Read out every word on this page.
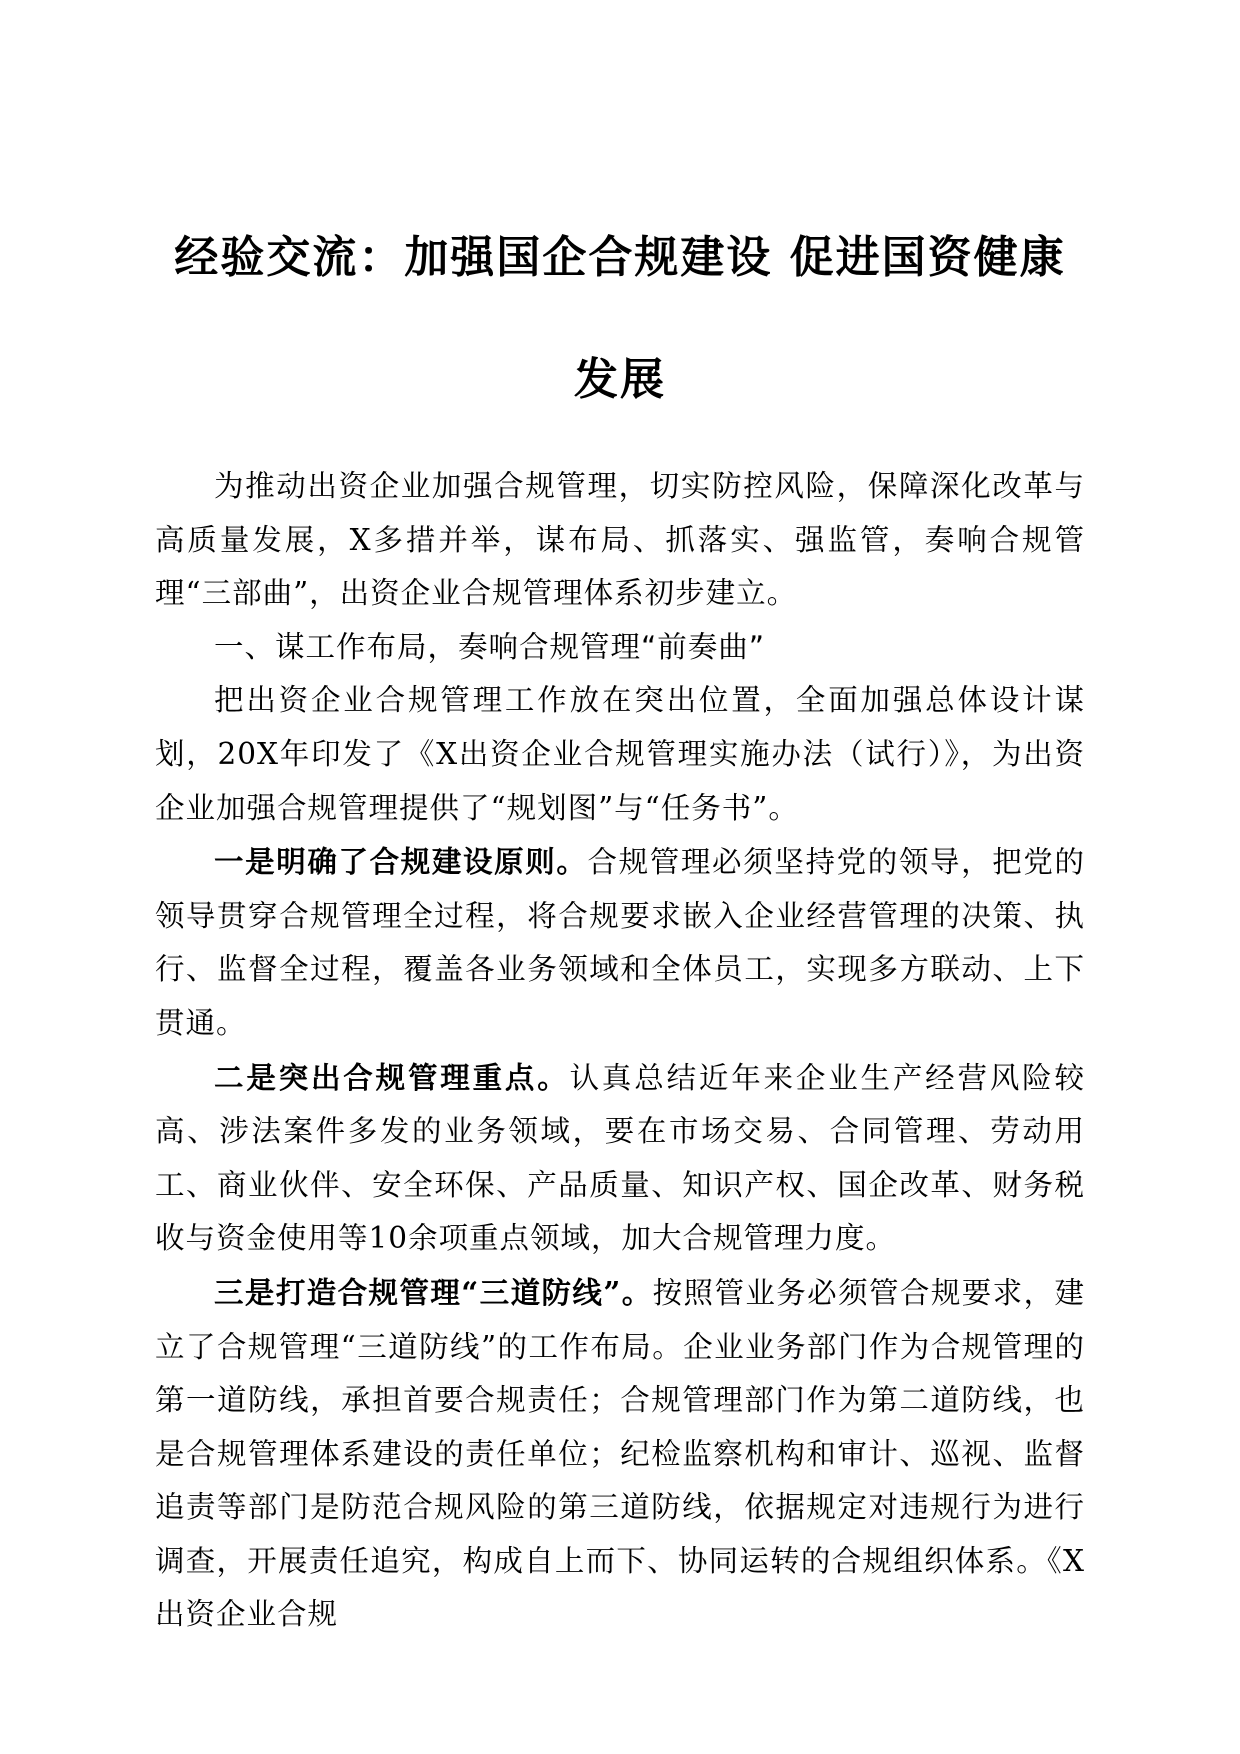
经验交流：加强国企合规建设 促进国资健康
发展

为推动出资企业加强合规管理，切实防控风险，保障深化改革与高质量发展，X多措并举，谋布局、抓落实、强监管，奏响合规管理“三部曲”，出资企业合规管理体系初步建立。

一、谋工作布局，奏响合规管理“前奏曲”

把出资企业合规管理工作放在突出位置，全面加强总体设计谋划，20X年印发了《X出资企业合规管理实施办法（试行）》，为出资企业加强合规管理提供了“规划图”与“任务书”。

一是明确了合规建设原则。合规管理必须坚持党的领导，把党的领导贯穿合规管理全过程，将合规要求嵌入企业经营管理的决策、执行、监督全过程，覆盖各业务领域和全体员工，实现多方联动、上下贯通。

二是突出合规管理重点。认真总结近年来企业生产经营风险较高、涉法案件多发的业务领域，要在市场交易、合同管理、劳动用工、商业伙伴、安全环保、产品质量、知识产权、国企改革、财务税收与资金使用等10余项重点领域，加大合规管理力度。

三是打造合规管理“三道防线”。按照管业务必须管合规要求，建立了合规管理“三道防线”的工作布局。企业业务部门作为合规管理的第一道防线，承担首要合规责任；合规管理部门作为第二道防线，也是合规管理体系建设的责任单位；纪检监察机构和审计、巡视、监督追责等部门是防范合规风险的第三道防线，依据规定对违规行为进行调查，开展责任追究，构成自上而下、协同运转的合规组织体系。《X出资企业合规
